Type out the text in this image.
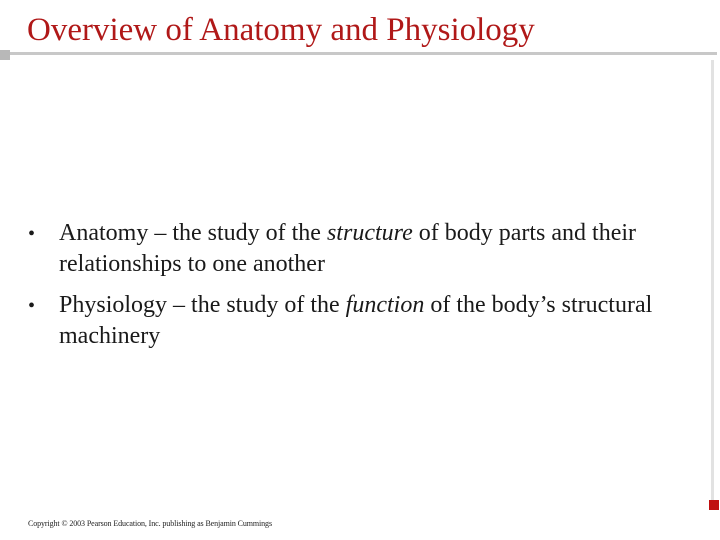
Overview of Anatomy and Physiology
• Anatomy – the study of the structure of body parts and their relationships to one another
• Physiology – the study of the function of the body’s structural machinery
Copyright © 2003 Pearson Education, Inc. publishing as Benjamin Cummings
